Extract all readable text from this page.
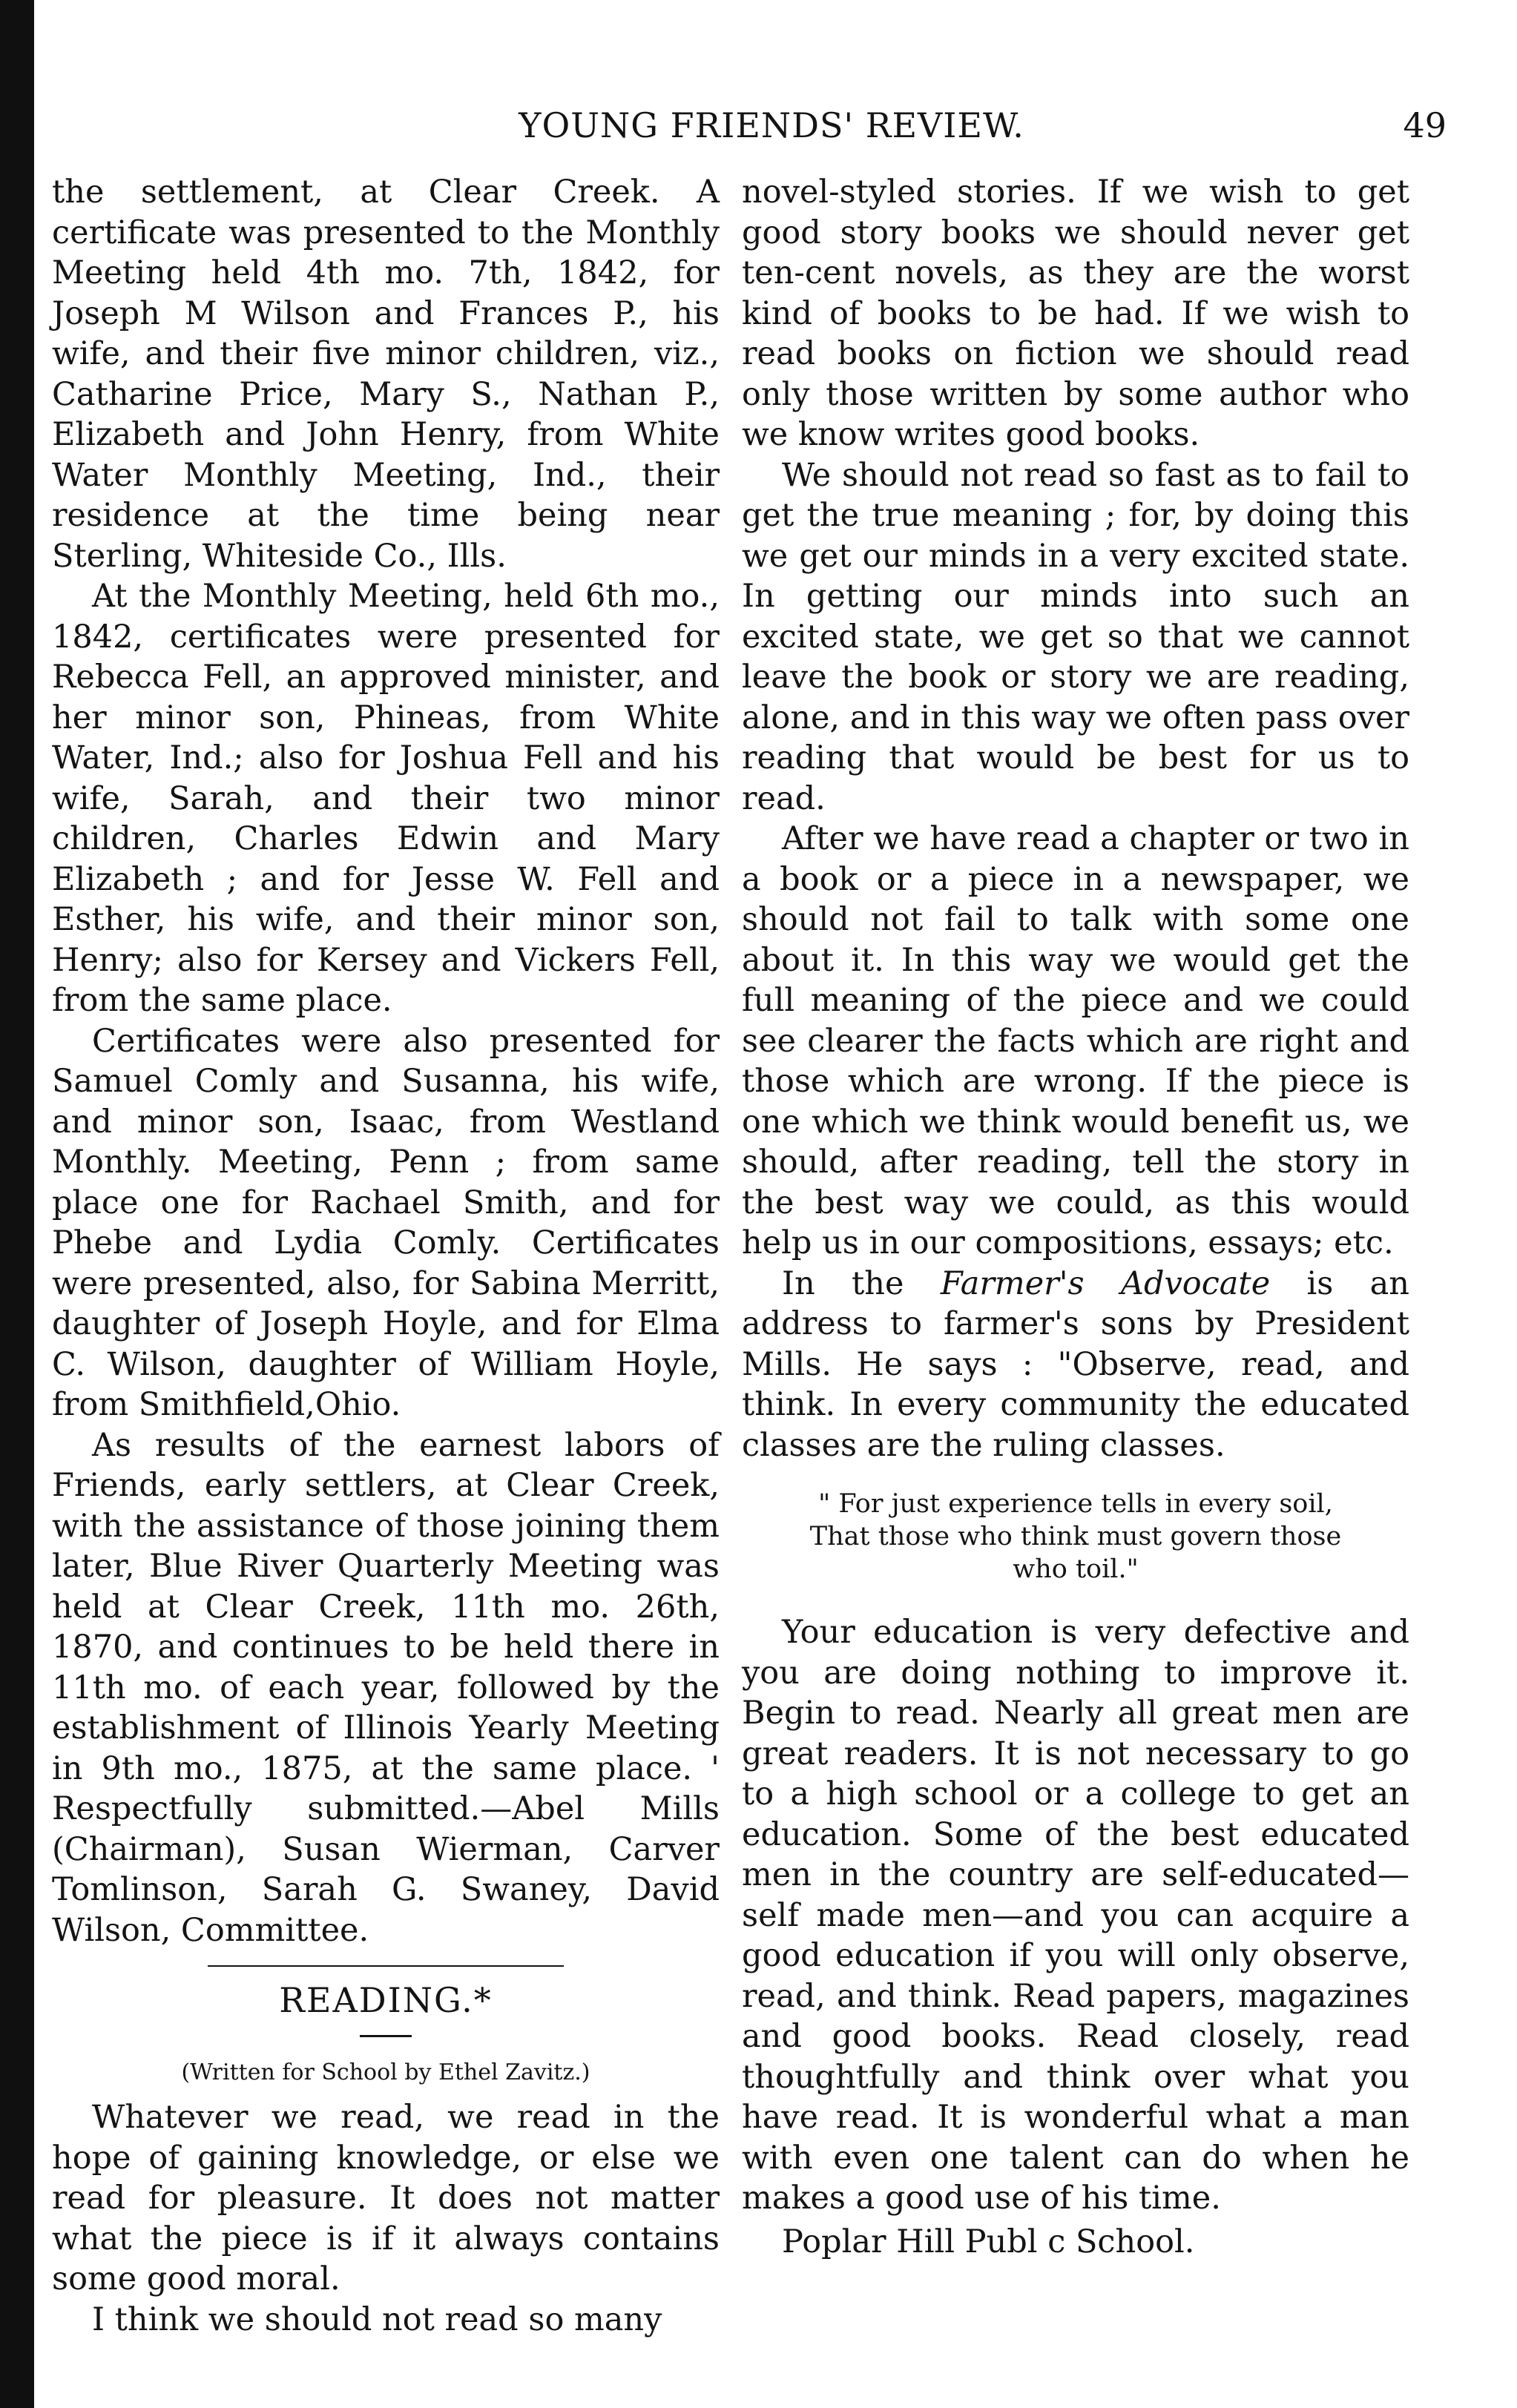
YOUNG FRIENDS' REVIEW.	49

the settlement, at Clear Creek. A certificate was presented to the Monthly Meeting held 4th mo. 7th, 1842, for Joseph M Wilson and Frances P., his wife, and their five minor children, viz., Catharine Price, Mary S., Nathan P., Elizabeth and John Henry, from White Water Monthly Meeting, Ind., their residence at the time being near Sterling, Whiteside Co., Ills.

At the Monthly Meeting, held 6th mo., 1842, certificates were presented for Rebecca Fell, an approved minister, and her minor son, Phineas, from White Water, Ind.; also for Joshua Fell and his wife, Sarah, and their two minor children, Charles Edwin and Mary Elizabeth ; and for Jesse W. Fell and Esther, his wife, and their minor son, Henry; also for Kersey and Vickers Fell, from the same place.

Certificates were also presented for Samuel Comly and Susanna, his wife, and minor son, Isaac, from Westland Monthly. Meeting, Penn ; from same place one for Rachael Smith, and for Phebe and Lydia Comly. Certificates were presented, also, for Sabina Merritt, daughter of Joseph Hoyle, and for Elma C. Wilson, daughter of William Hoyle, from Smithfield,Ohio.

As results of the earnest labors of Friends, early settlers, at Clear Creek, with the assistance of those joining them later, Blue River Quarterly Meeting was held at Clear Creek, 11th mo. 26th, 1870, and continues to be held there in 11th mo. of each year, followed by the establishment of Illinois Yearly Meeting in 9th mo., 1875, at the same place. ' Respectfully submitted.—Abel Mills (Chairman), Susan Wierman, Carver Tomlinson, Sarah G. Swaney, David Wilson, Committee.

READING.*
(Written for School by Ethel Zavitz.)

Whatever we read, we read in the hope of gaining knowledge, or else we read for pleasure. It does not matter what the piece is if it always contains some good moral.

I think we should not read so many

novel-styled stories. If we wish to get good story books we should never get ten-cent novels, as they are the worst kind of books to be had. If we wish to read books on fiction we should read only those written by some author who we know writes good books.

We should not read so fast as to fail to get the true meaning ; for, by doing this we get our minds in a very excited state. In getting our minds into such an excited state, we get so that we cannot leave the book or story we are reading, alone, and in this way we often pass over reading that would be best for us to read.

After we have read a chapter or two in a book or a piece in a newspaper, we should not fail to talk with some one about it. In this way we would get the full meaning of the piece and we could see clearer the facts which are right and those which are wrong. If the piece is one which we think would benefit us, we should, after reading, tell the story in the best way we could, as this would help us in our compositions, essays; etc.

In the Farmer's Advocate is an address to farmer's sons by President Mills. He says : "Observe, read, and think. In every community the educated classes are the ruling classes.

" For just experience tells in every soil,
That those who think must govern those
who toil."

Your education is very defective and you are doing nothing to improve it. Begin to read. Nearly all great men are great readers. It is not necessary to go to a high school or a college to get an education. Some of the best educated men in the country are self-educated—self made men—and you can acquire a good education if you will only observe, read, and think. Read papers, magazines and good books. Read closely, read thoughtfully and think over what you have read. It is wonderful what a man with even one talent can do when he makes a good use of his time.

Poplar Hill Publ c School.
